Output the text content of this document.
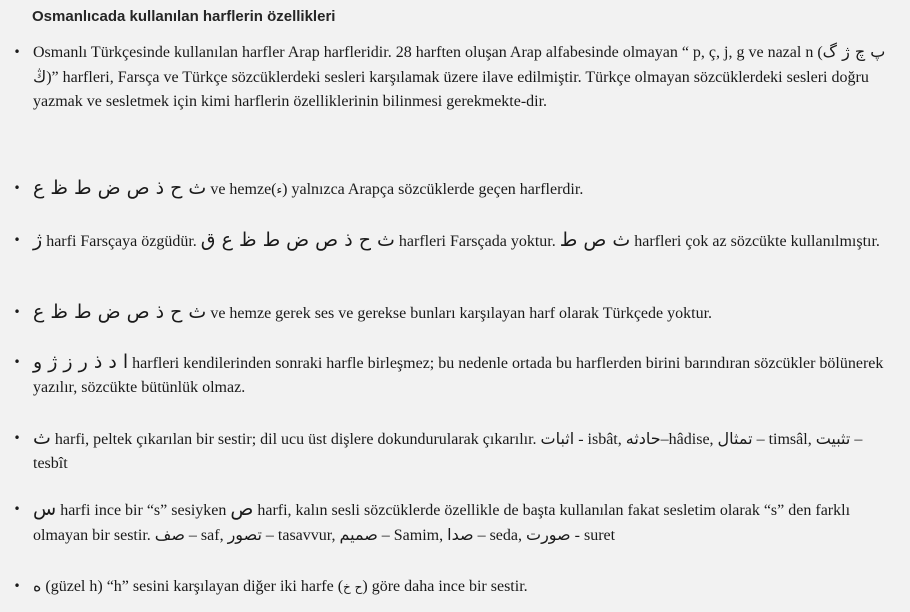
Osmanlıcada kullanılan harflerin özellikleri
• Osmanlı Türkçesinde kullanılan harfler Arap harfleridir. 28 harften oluşan Arap alfabesinde olmayan “ p, ç, j, g ve nazal n (پ چ ژ گ ڭ)” harfleri, Farsça ve Türkçe sözcüklerdeki sesleri karşılamak üzere ilave edilmiştir. Türkçe olmayan sözcüklerdeki sesleri doğru yazmak ve sesletmek için kimi harflerin özelliklerinin bilinmesi gerekmekte-dir.
• ث ح ذ ص ض ط ظ ع ve hemze(ء) yalnızca Arapça sözcüklerde geçen harflerdir.
• ژ harfi Farsçaya özgüdür. ث ح ذ ص ض ط ظ ع ق harfleri Farsçada yoktur. ث ص ط harfleri çok az sözcükte kullanılmıştır.
• ث ح ذ ص ض ط ظ ع ve hemze gerek ses ve gerekse bunları karşılayan harf olarak Türkçede yoktur.
• ا د ذ ر ز ژ و harfleri kendilerinden sonraki harfle birleşmez; bu nedenle ortada bu harflerden birini barındıran sözcükler bölünerek yazılır, sözcükte bütünlük olmaz.
• ث harfi, peltek çıkarılan bir sestir; dil ucu üst dişlere dokundurularak çıkarılır. اثبات - isbât, حادثه–hâdise, تمثال – timsâl, تثبيت – tesbît
• س harfi ince bir “s” sesiyken ص harfi, kalın sesli sözcüklerde özellikle de başta kullanılan fakat sesletim olarak “s” den farklı olmayan bir sestir. صف – saf, تصور – tasavvur, صميم – Samim, صدا – seda, صورت - suret
• ه (güzel h) “h” sesini karşılayan diğer iki harfe (ح خ) göre daha ince bir sestir.
